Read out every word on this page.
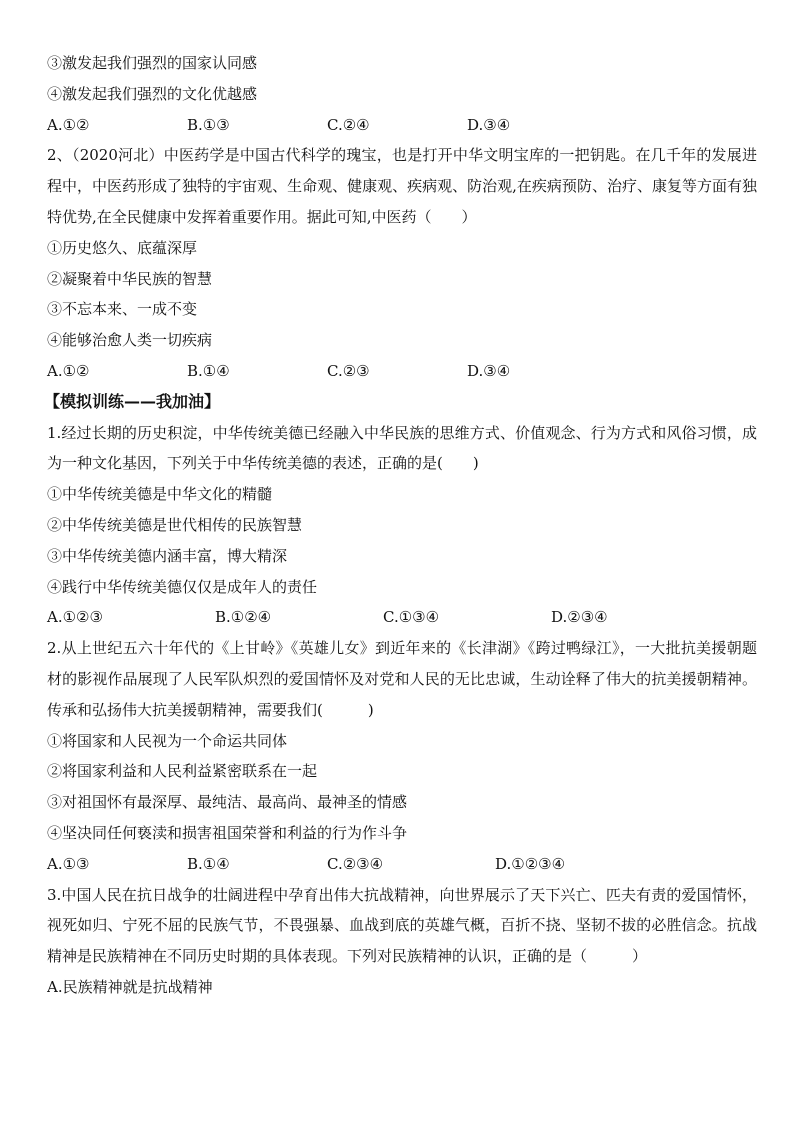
③激发起我们强烈的国家认同感
④激发起我们强烈的文化优越感
A.①②	B.①③	C.②④	D.③④
2、（2020河北）中医药学是中国古代科学的瑰宝，也是打开中华文明宝库的一把钥匙。在几千年的发展进程中，中医药形成了独特的宇宙观、生命观、健康观、疾病观、防治观,在疾病预防、治疗、康复等方面有独特优势,在全民健康中发挥着重要作用。据此可知,中医药（　　）
①历史悠久、底蕴深厚
②凝聚着中华民族的智慧
③不忘本来、一成不变
④能够治愈人类一切疾病
A.①②	B.①④	C.②③	D.③④
【模拟训练——我加油】
1.经过长期的历史积淀，中华传统美德已经融入中华民族的思维方式、价值观念、行为方式和风俗习惯，成为一种文化基因，下列关于中华传统美德的表述，正确的是(　　)
①中华传统美德是中华文化的精髓
②中华传统美德是世代相传的民族智慧
③中华传统美德内涵丰富，博大精深
④践行中华传统美德仅仅是成年人的责任
A.①②③	B.①②④	C.①③④	D.②③④
2.从上世纪五六十年代的《上甘岭》《英雄儿女》到近年来的《长津湖》《跨过鸭绿江》，一大批抗美援朝题材的影视作品展现了人民军队炽烈的爱国情怀及对党和人民的无比忠诚，生动诠释了伟大的抗美援朝精神。传承和弘扬伟大抗美援朝精神，需要我们(　　　)
①将国家和人民视为一个命运共同体
②将国家利益和人民利益紧密联系在一起
③对祖国怀有最深厚、最纯洁、最高尚、最神圣的情感
④坚决同任何亵渎和损害祖国荣誉和利益的行为作斗争
A.①③	B.①④	C.②③④	D.①②③④
3.中国人民在抗日战争的壮阔进程中孕育出伟大抗战精神，向世界展示了天下兴亡、匹夫有责的爱国情怀，视死如归、宁死不屈的民族气节，不畏强暴、血战到底的英雄气概，百折不挠、坚韧不拔的必胜信念。抗战精神是民族精神在不同历史时期的具体表现。下列对民族精神的认识，正确的是（　　　）
A.民族精神就是抗战精神
